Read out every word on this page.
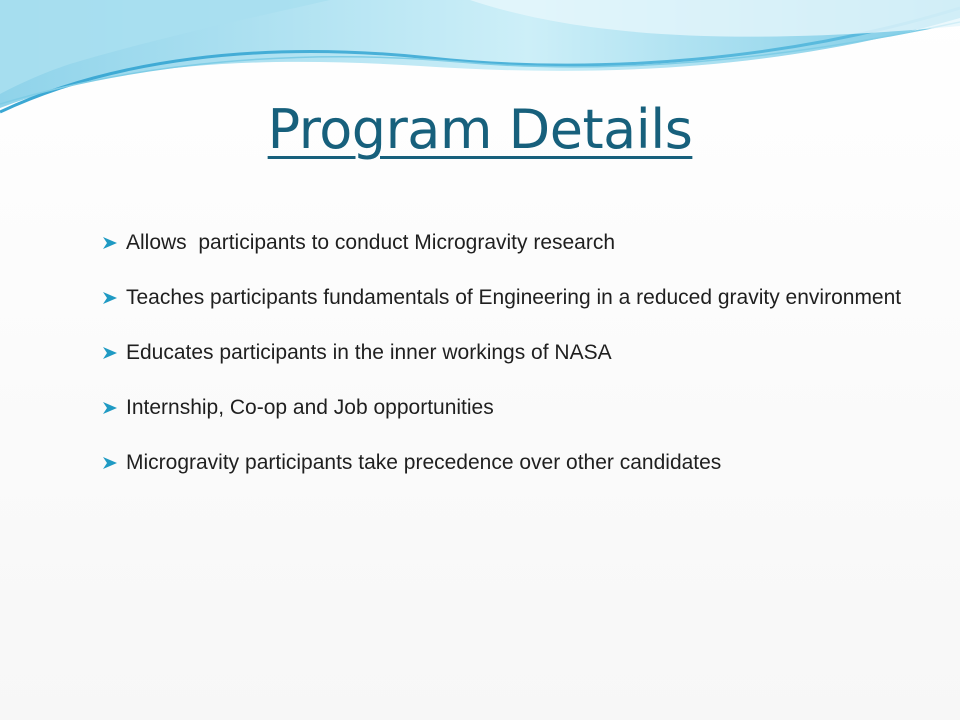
Program Details
Allows  participants to conduct Microgravity research
Teaches participants fundamentals of Engineering in a reduced gravity environment
Educates participants in the inner workings of NASA
Internship, Co-op and Job opportunities
Microgravity participants take precedence over other candidates
